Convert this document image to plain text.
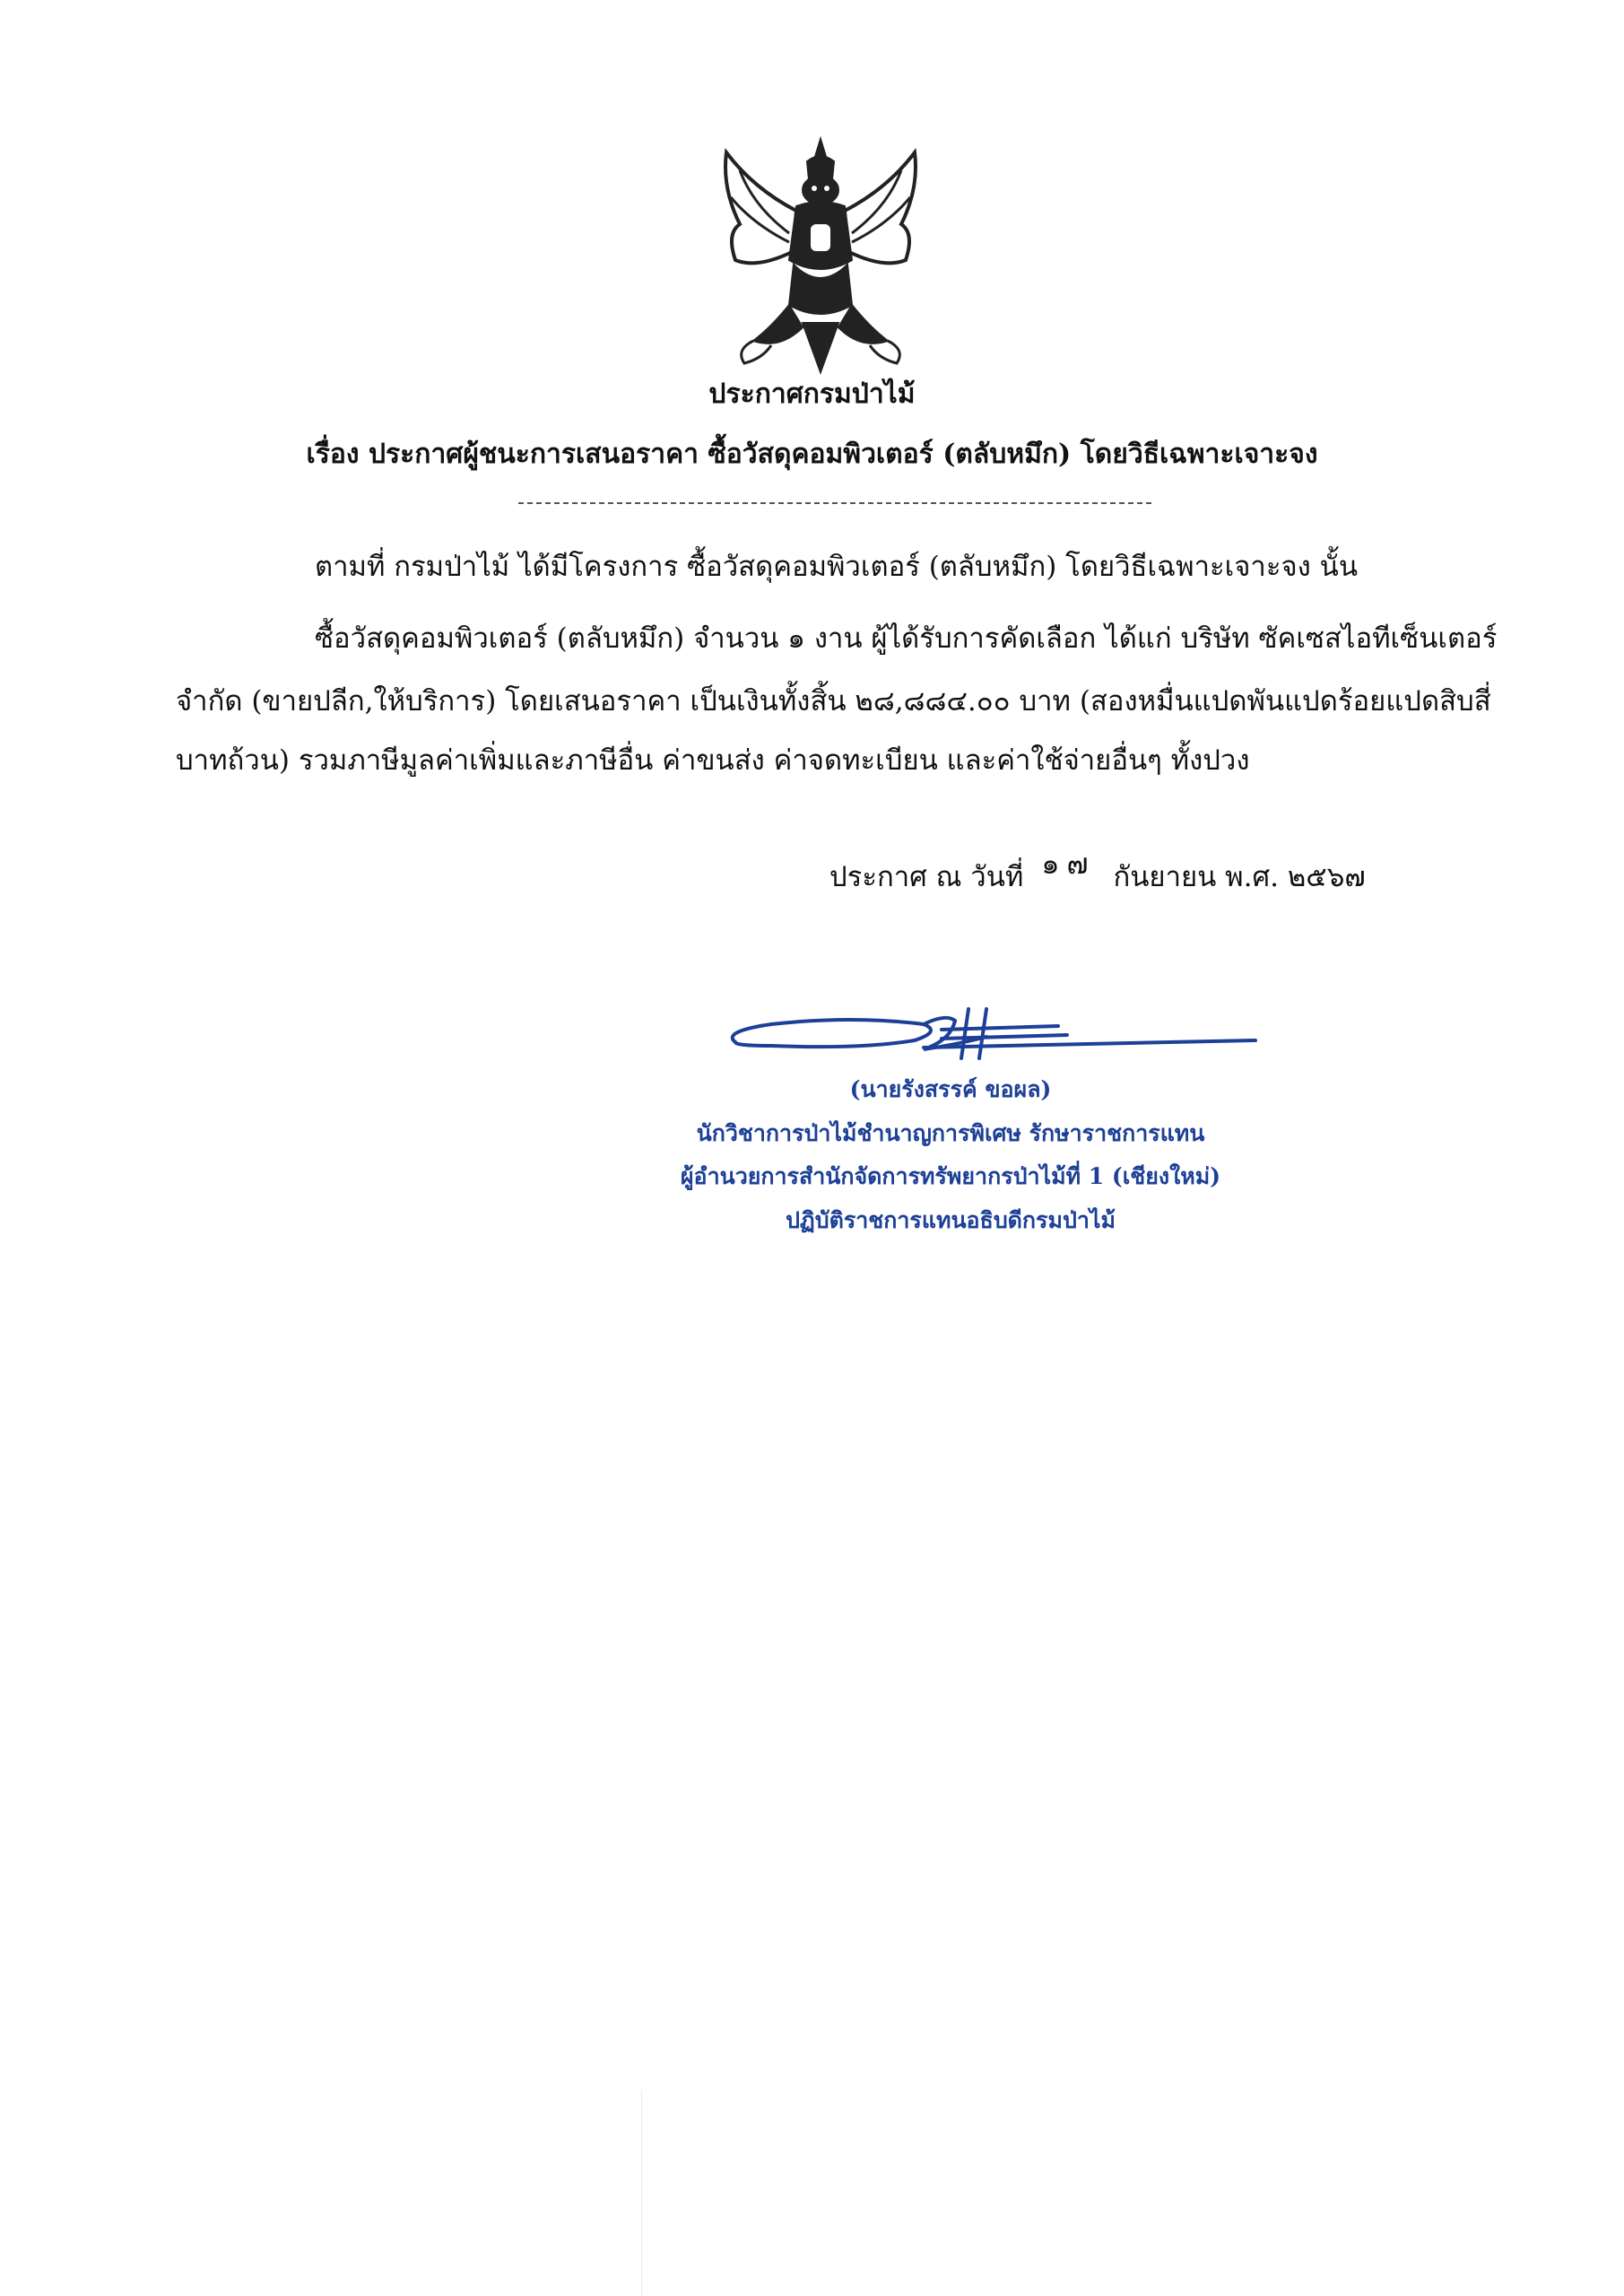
ประกาศกรมป่าไม้
เรื่อง ประกาศผู้ชนะการเสนอราคา ซื้อวัสดุคอมพิวเตอร์ (ตลับหมึก) โดยวิธีเฉพาะเจาะจง
ตามที่ กรมป่าไม้ ได้มีโครงการ ซื้อวัสดุคอมพิวเตอร์ (ตลับหมึก) โดยวิธีเฉพาะเจาะจง นั้น
ซื้อวัสดุคอมพิวเตอร์ (ตลับหมึก) จำนวน ๑ งาน ผู้ได้รับการคัดเลือก ได้แก่ บริษัท ซัคเซสไอทีเซ็นเตอร์
จำกัด (ขายปลีก,ให้บริการ) โดยเสนอราคา เป็นเงินทั้งสิ้น ๒๘,๘๘๔.๐๐ บาท (สองหมื่นแปดพันแปดร้อยแปดสิบสี่
บาทถ้วน) รวมภาษีมูลค่าเพิ่มและภาษีอื่น ค่าขนส่ง ค่าจดทะเบียน และค่าใช้จ่ายอื่นๆ ทั้งปวง
ประกาศ ณ วันที่ ๑๗ กันยายน พ.ศ. ๒๕๖๗
(นายรังสรรค์ ขอผล)
นักวิชาการป่าไม้ชำนาญการพิเศษ รักษาราชการแทน
ผู้อำนวยการสำนักจัดการทรัพยากรป่าไม้ที่ 1 (เชียงใหม่)
ปฏิบัติราชการแทนอธิบดีกรมป่าไม้
